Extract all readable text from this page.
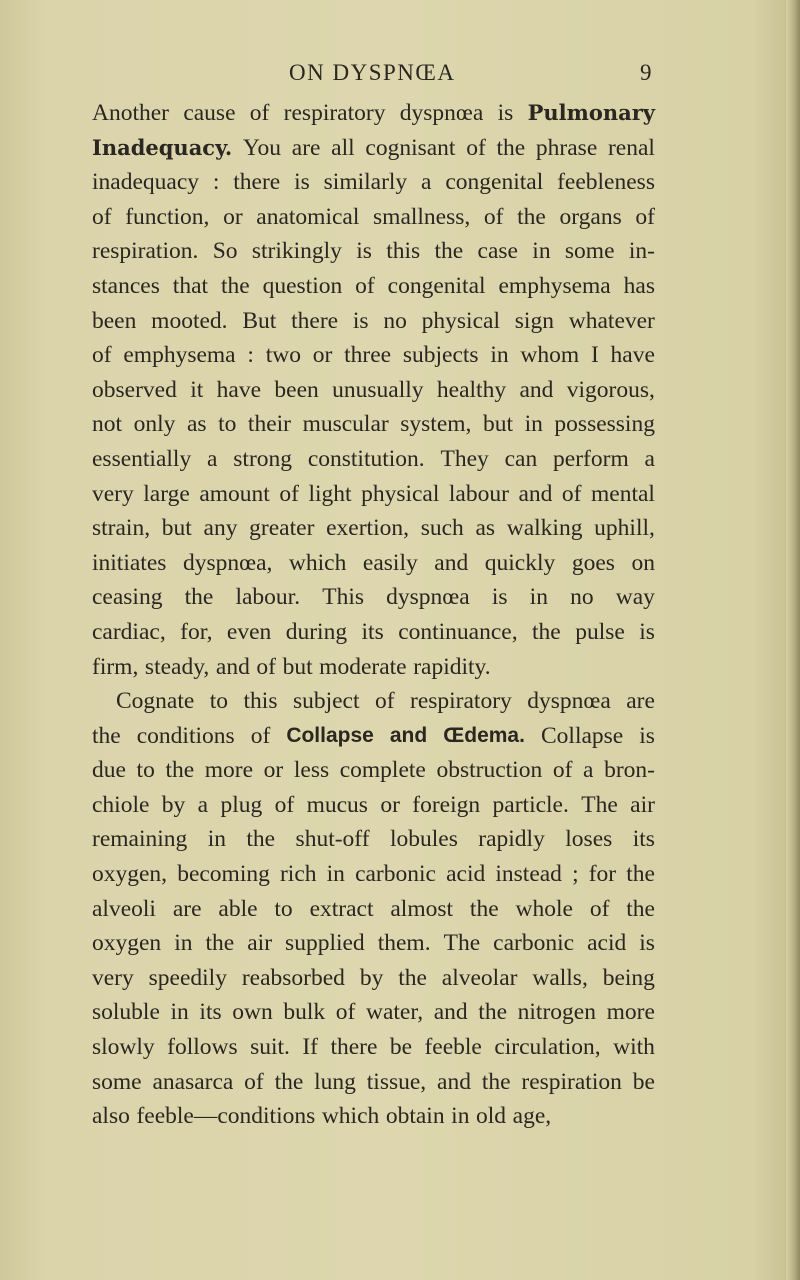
ON DYSPNŒA	9
Another cause of respiratory dyspnœa is Pulmonary
Inadequacy. You are all cognisant of the phrase renal
inadequacy : there is similarly a congenital feebleness
of function, or anatomical smallness, of the organs of
respiration. So strikingly is this the case in some in-
stances that the question of congenital emphysema has
been mooted. But there is no physical sign whatever
of emphysema : two or three subjects in whom I have
observed it have been unusually healthy and vigorous,
not only as to their muscular system, but in possessing
essentially a strong constitution. They can perform a
very large amount of light physical labour and of mental
strain, but any greater exertion, such as walking uphill,
initiates dyspnœa, which easily and quickly goes on
ceasing the labour. This dyspnœa is in no way
cardiac, for, even during its continuance, the pulse is
firm, steady, and of but moderate rapidity.
Cognate to this subject of respiratory dyspnœa are
the conditions of Collapse and Œdema. Collapse is
due to the more or less complete obstruction of a bron-
chiole by a plug of mucus or foreign particle. The air
remaining in the shut-off lobules rapidly loses its
oxygen, becoming rich in carbonic acid instead ; for the
alveoli are able to extract almost the whole of the
oxygen in the air supplied them. The carbonic acid is
very speedily reabsorbed by the alveolar walls, being
soluble in its own bulk of water, and the nitrogen more
slowly follows suit. If there be feeble circulation, with
some anasarca of the lung tissue, and the respiration be
also feeble—conditions which obtain in old age,
